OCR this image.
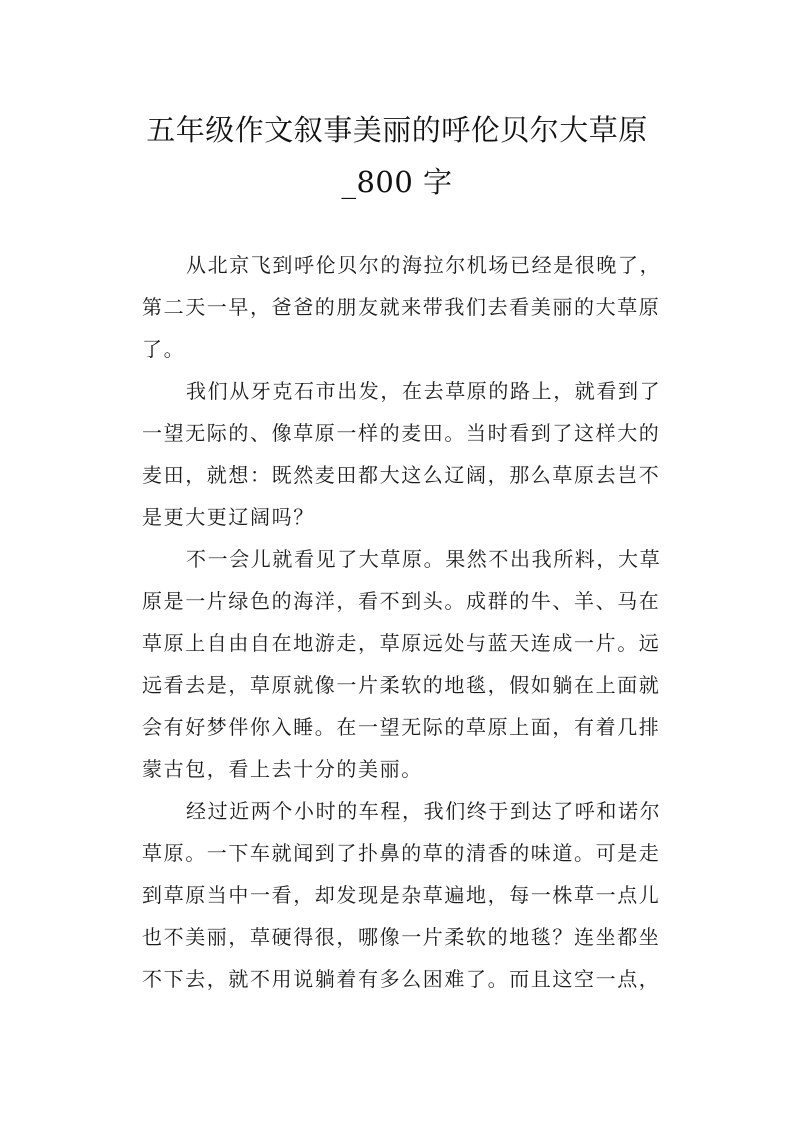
五年级作文叙事美丽的呼伦贝尔大草原
_800 字

从北京飞到呼伦贝尔的海拉尔机场已经是很晚了，
第二天一早，爸爸的朋友就来带我们去看美丽的大草原
了。

我们从牙克石市出发，在去草原的路上，就看到了
一望无际的、像草原一样的麦田。当时看到了这样大的
麦田，就想：既然麦田都大这么辽阔，那么草原去岂不
是更大更辽阔吗？

不一会儿就看见了大草原。果然不出我所料，大草
原是一片绿色的海洋，看不到头。成群的牛、羊、马在
草原上自由自在地游走，草原远处与蓝天连成一片。远
远看去是，草原就像一片柔软的地毯，假如躺在上面就
会有好梦伴你入睡。在一望无际的草原上面，有着几排
蒙古包，看上去十分的美丽。

经过近两个小时的车程，我们终于到达了呼和诺尔
草原。一下车就闻到了扑鼻的草的清香的味道。可是走
到草原当中一看，却发现是杂草遍地，每一株草一点儿
也不美丽，草硬得很，哪像一片柔软的地毯？连坐都坐
不下去，就不用说躺着有多么困难了。而且这空一点，
